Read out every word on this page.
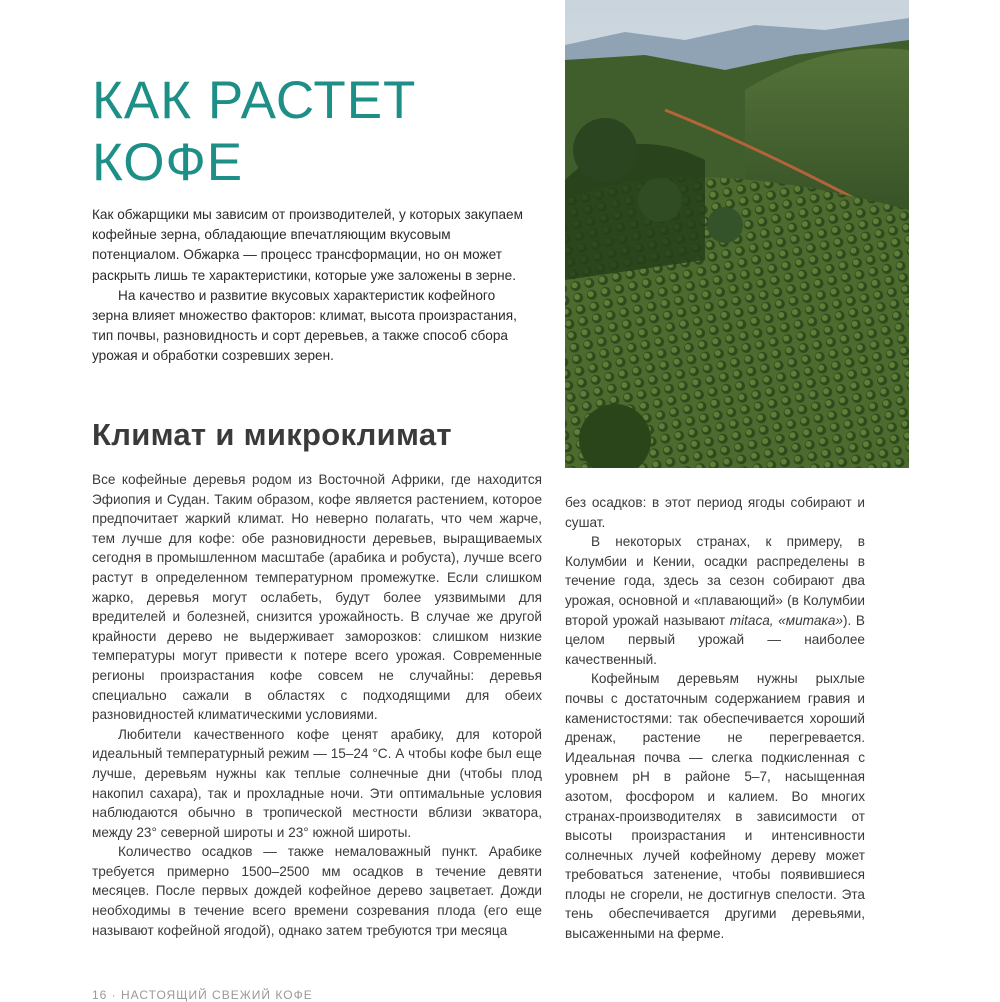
КАК РАСТЕТ
КОФЕ

Как обжарщики мы зависим от производителей, у которых закупаем кофейные зерна, обладающие впечатляющим вкусовым потенциалом. Обжарка — процесс трансформации, но он может раскрыть лишь те характеристики, которые уже заложены в зерне.

На качество и развитие вкусовых характеристик кофейного зерна влияет множество факторов: климат, высота произрастания, тип почвы, разновидность и сорт деревьев, а также способ сбора урожая и обработки созревших зерен.

Климат и микроклимат

Все кофейные деревья родом из Восточной Африки, где находится Эфиопия и Судан. Таким образом, кофе является растением, которое предпочитает жаркий климат. Но неверно полагать, что чем жарче, тем лучше для кофе: обе разновидности деревьев, выращиваемых сегодня в промышленном масштабе (арабика и робуста), лучше всего растут в определенном температурном промежутке. Если слишком жарко, деревья могут ослабеть, будут более уязвимыми для вредителей и болезней, снизится урожайность. В случае же другой крайности дерево не выдерживает заморозков: слишком низкие температуры могут привести к потере всего урожая. Современные регионы произрастания кофе совсем не случайны: деревья специально сажали в областях с подходящими для обеих разновидностей климатическими условиями.

Любители качественного кофе ценят арабику, для которой идеальный температурный режим — 15–24 °С. А чтобы кофе был еще лучше, деревьям нужны как теплые солнечные дни (чтобы плод накопил сахара), так и прохладные ночи. Эти оптимальные условия наблюдаются обычно в тропической местности вблизи экватора, между 23° северной широты и 23° южной широты.

Количество осадков — также немаловажный пункт. Арабике требуется примерно 1500–2500 мм осадков в течение девяти месяцев. После первых дождей кофейное дерево зацветает. Дожди необходимы в течение всего времени созревания плода (его еще называют кофейной ягодой), однако затем требуются три месяца

без осадков: в этот период ягоды собирают и сушат.

В некоторых странах, к примеру, в Колумбии и Кении, осадки распределены в течение года, здесь за сезон собирают два урожая, основной и «плавающий» (в Колумбии второй урожай называют mitaca, «митака»). В целом первый урожай — наиболее качественный.

Кофейным деревьям нужны рыхлые почвы с достаточным содержанием гравия и каменистостями: так обеспечивается хороший дренаж, растение не перегревается. Идеальная почва — слегка подкисленная с уровнем pH в районе 5–7, насыщенная азотом, фосфором и калием. Во многих странах-производителях в зависимости от высоты произрастания и интенсивности солнечных лучей кофейному дереву может требоваться затенение, чтобы появившиеся плоды не сгорели, не достигнув спелости. Эта тень обеспечивается другими деревьями, высаженными на ферме.

16 · НАСТОЯЩИЙ СВЕЖИЙ КОФЕ
